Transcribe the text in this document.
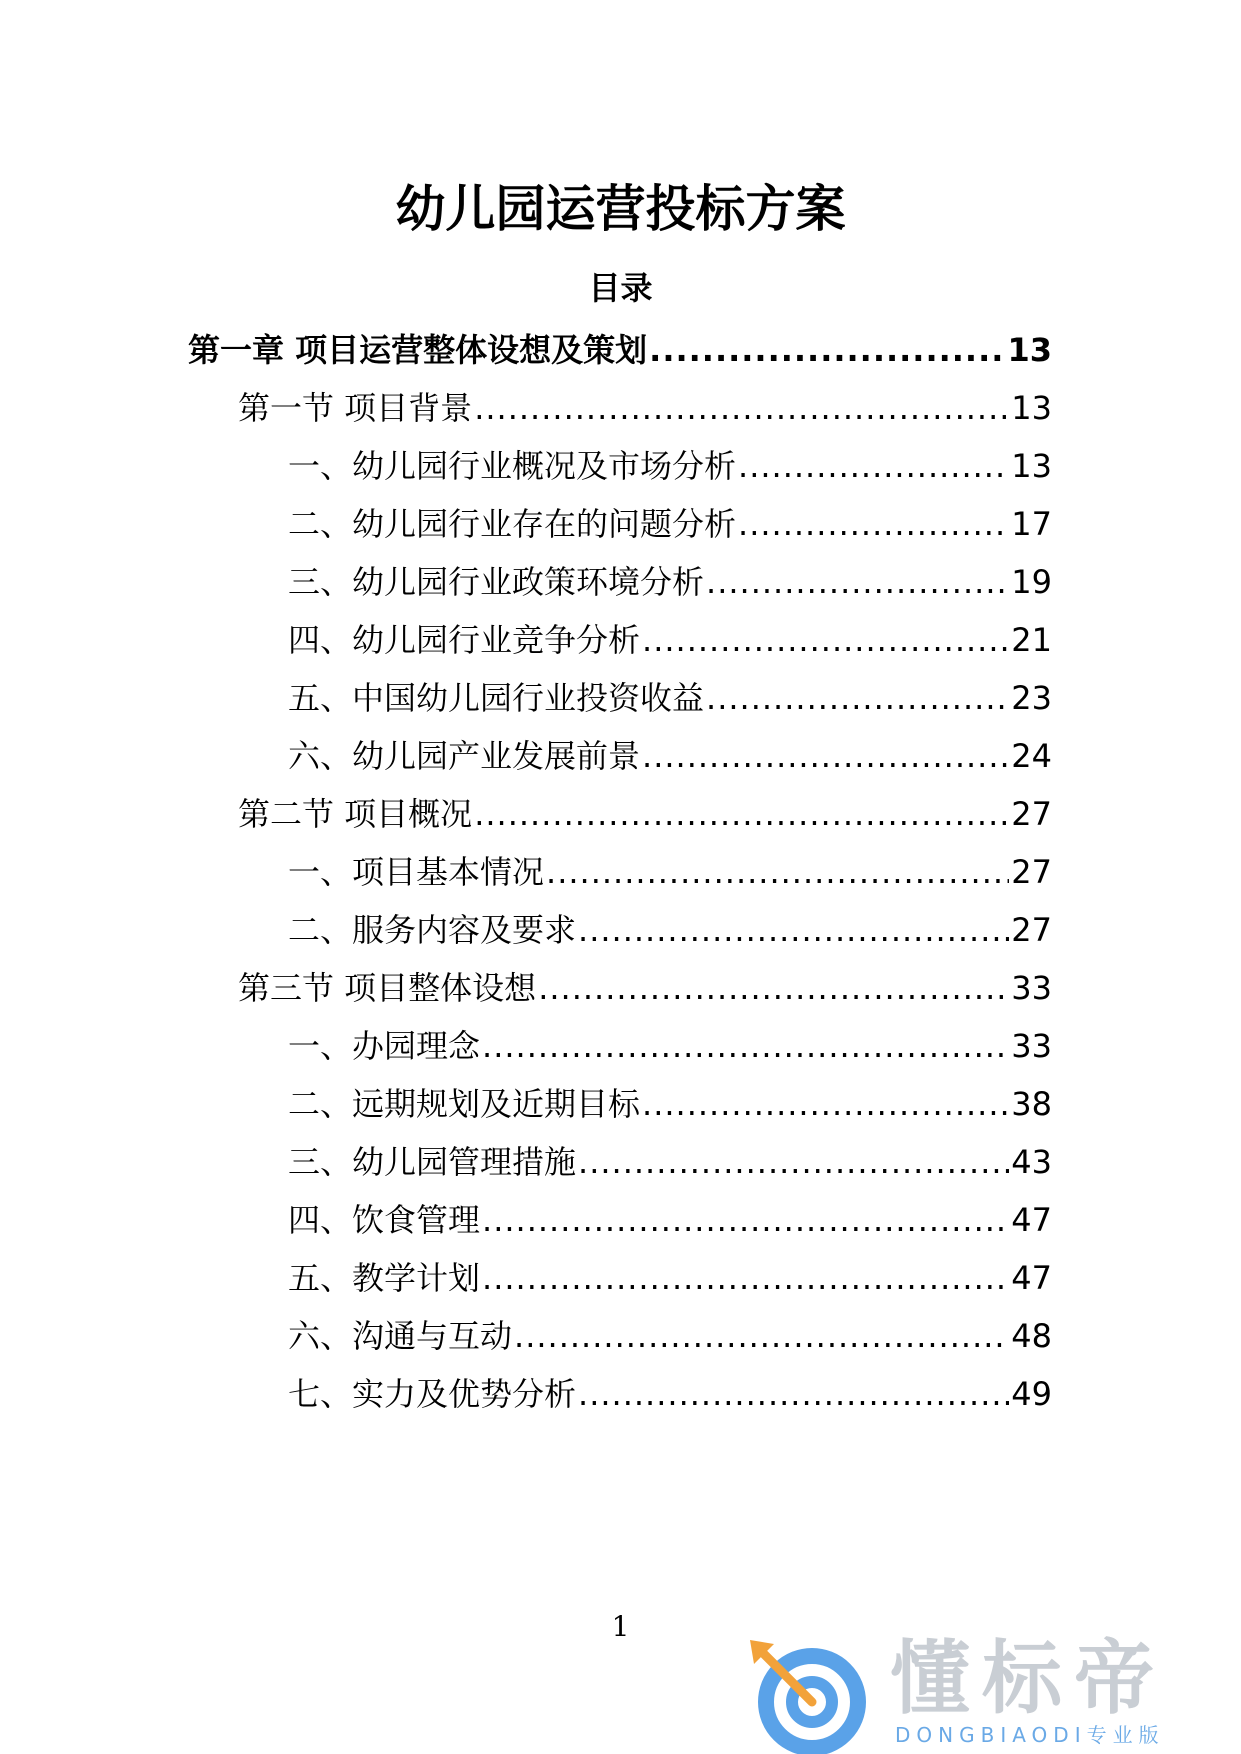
幼儿园运营投标方案
目录
第一章 项目运营整体设想及策划 .....	13
第一节 项目背景 .....	13
一、幼儿园行业概况及市场分析 .....	13
二、幼儿园行业存在的问题分析 .....	17
三、幼儿园行业政策环境分析 .....	19
四、幼儿园行业竞争分析 .....	21
五、中国幼儿园行业投资收益 .....	23
六、幼儿园产业发展前景 .....	24
第二节 项目概况 .....	27
一、项目基本情况 .....	27
二、服务内容及要求 .....	27
第三节 项目整体设想 .....	33
一、办园理念 .....	33
二、远期规划及近期目标 .....	38
三、幼儿园管理措施 .....	43
四、饮食管理 .....	47
五、教学计划 .....	47
六、沟通与互动 .....	48
七、实力及优势分析 .....	49
1
懂标帝
DONGBIAODI专业版
